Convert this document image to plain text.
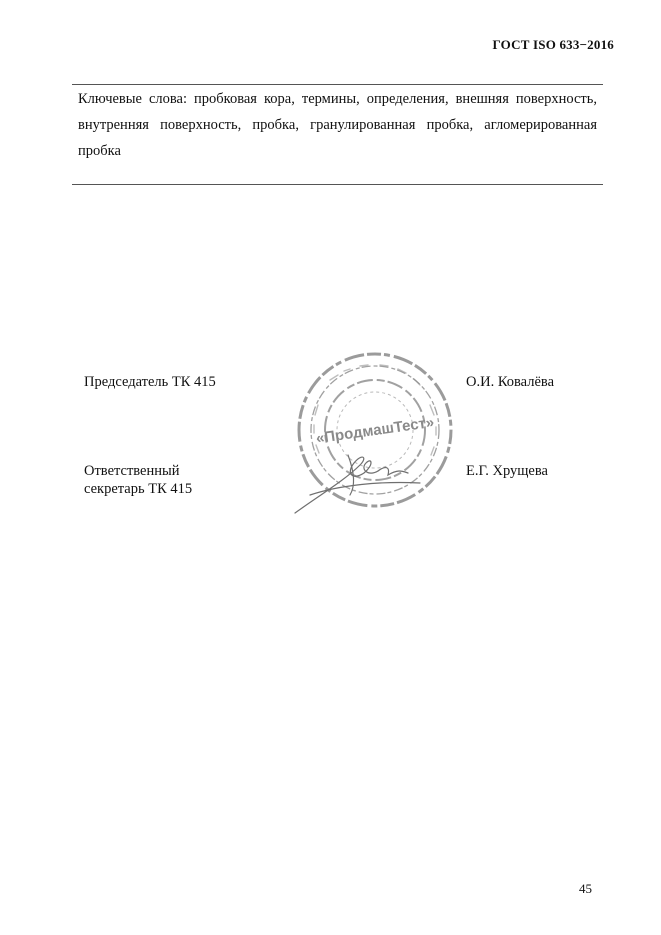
ГОСТ ISO 633−2016
Ключевые слова: пробковая кора, термины, определения, внешняя поверхность, внутренняя поверхность, пробка, гранулированная пробка, агломерированная пробка
Председатель ТК 415	О.И. Ковалёва
Ответственный
секретарь ТК 415
Е.Г. Хрущева
«ПродмашТест»
45
